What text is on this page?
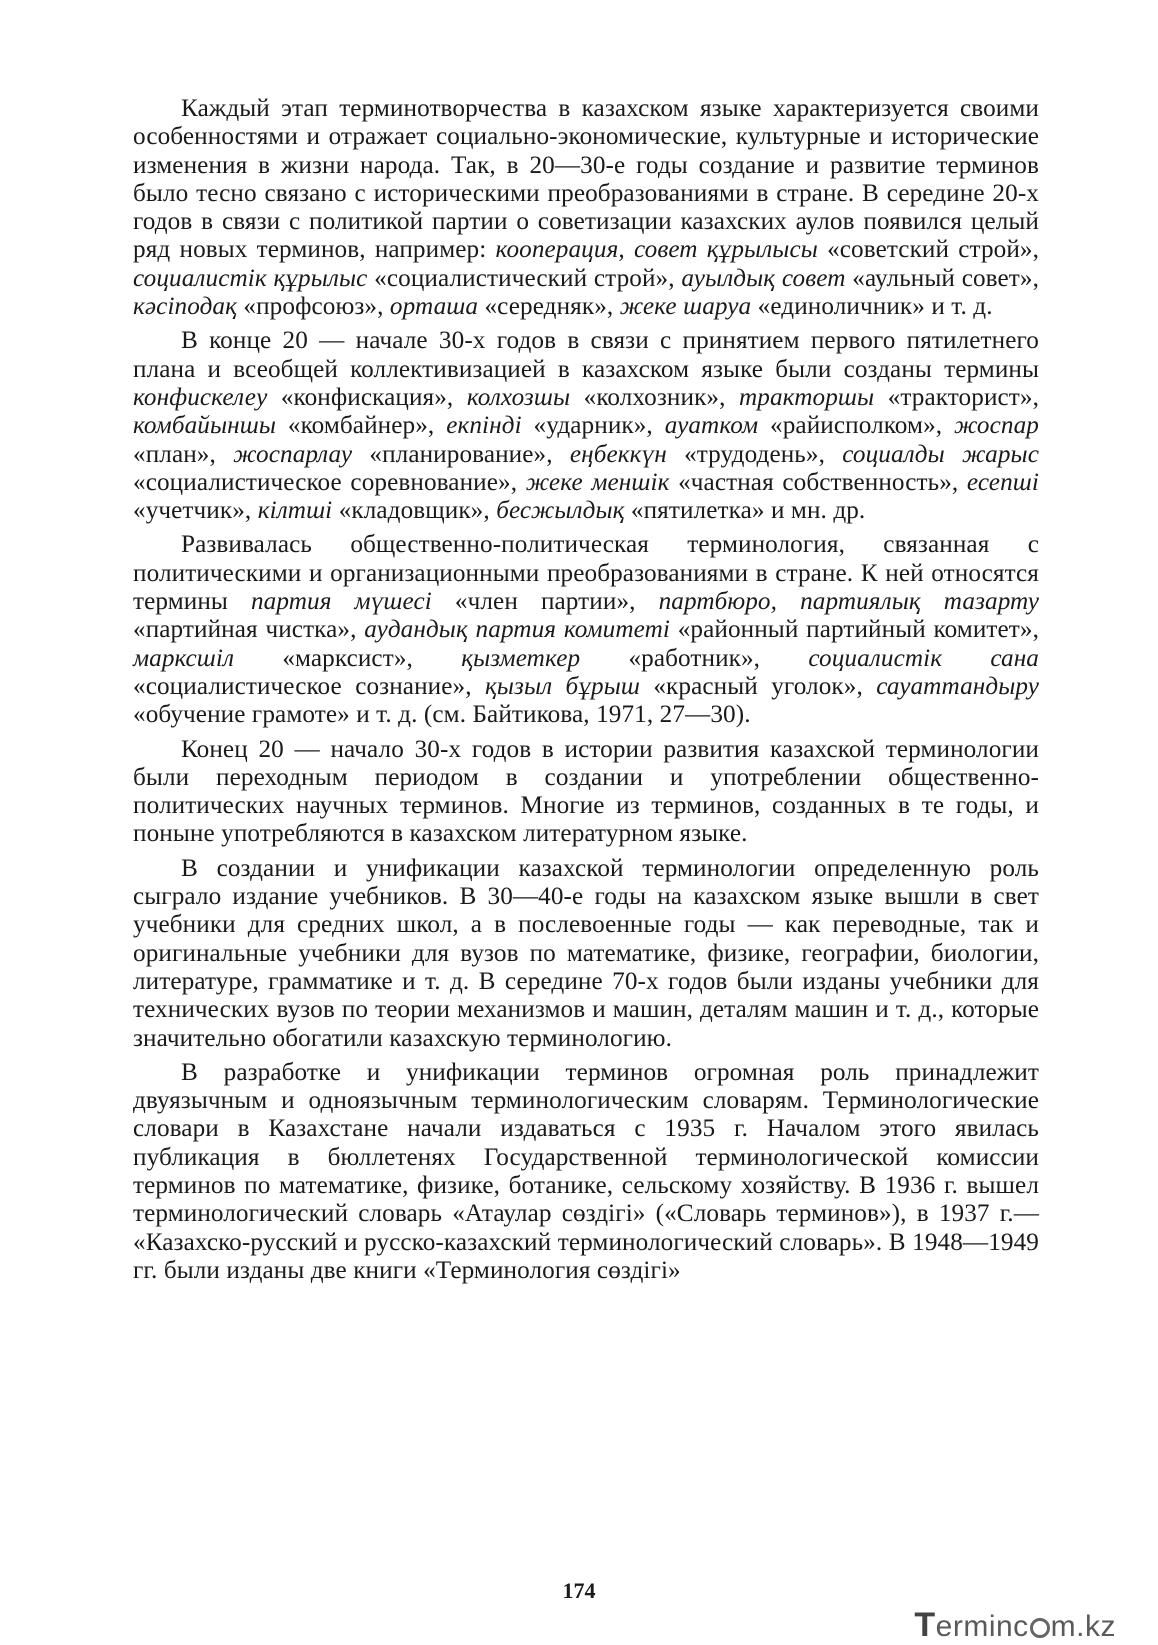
Каждый этап терминотворчества в казахском языке характеризуется своими особенностями и отражает социально-экономические, культурные и исторические изменения в жизни народа. Так, в 20—30-е годы создание и развитие терминов было тесно связано с историческими преобразованиями в стране. В середине 20-х годов в связи с политикой партии о советизации казахских аулов появился целый ряд новых терминов, например: кооперация, совет құрылысы «советский строй», социалистік құрылыс «социалистический строй», ауылдық совет «аульный совет», кәсіподақ «профсоюз», орташа «середняк», жеке шаруа «единоличник» и т. д.

В конце 20 — начале 30-х годов в связи с принятием первого пятилетнего плана и всеобщей коллективизацией в казахском языке были созданы термины конфискелеу «конфискация», колхозшы «колхозник», тракторшы «тракторист», комбайыншы «комбайнер», екпінді «ударник», ауатком «райисполком», жоспар «план», жоспарлау «планирование», еңбеккүн «трудодень», социалды жарыс «социалистическое соревнование», жеке меншік «частная собственность», есепші «учетчик», кілтші «кладовщик», бесжылдық «пятилетка» и мн. др.

Развивалась общественно-политическая терминология, связанная с политическими и организационными преобразованиями в стране. К ней относятся термины партия мүшесі «член партии», партбюро, партиялық тазарту «партийная чистка», аудандық партия комитеті «районный партийный комитет», марксшіл «марксист», қызметкер «работник», социалистік сана «социалистическое сознание», қызыл бұрыш «красный уголок», сауаттандыру «обучение грамоте» и т. д. (см. Байтикова, 1971, 27—30).

Конец 20 — начало 30-х годов в истории развития казахской терминологии были переходным периодом в создании и употреблении общественно-политических научных терминов. Многие из терминов, созданных в те годы, и поныне употребляются в казахском литературном языке.

В создании и унификации казахской терминологии определенную роль сыграло издание учебников. В 30—40-е годы на казахском языке вышли в свет учебники для средних школ, а в послевоенные годы — как переводные, так и оригинальные учебники для вузов по математике, физике, географии, биологии, литературе, грамматике и т. д. В середине 70-х годов были изданы учебники для технических вузов по теории механизмов и машин, деталям машин и т. д., которые значительно обогатили казахскую терминологию.

В разработке и унификации терминов огромная роль принадлежит двуязычным и одноязычным терминологическим словарям. Терминологические словари в Казахстане начали издаваться с 1935 г. Началом этого явилась публикация в бюллетенях Государственной терминологической комиссии терминов по математике, физике, ботанике, сельскому хозяйству. В 1936 г. вышел терминологический словарь «Атаулар сөздігі» («Словарь терминов»), в 1937 г.— «Казахско-русский и русско-казахский терминологический словарь». В 1948—1949 гг. были изданы две книги «Терминология сөздігі»

174
Terminc m.kz
